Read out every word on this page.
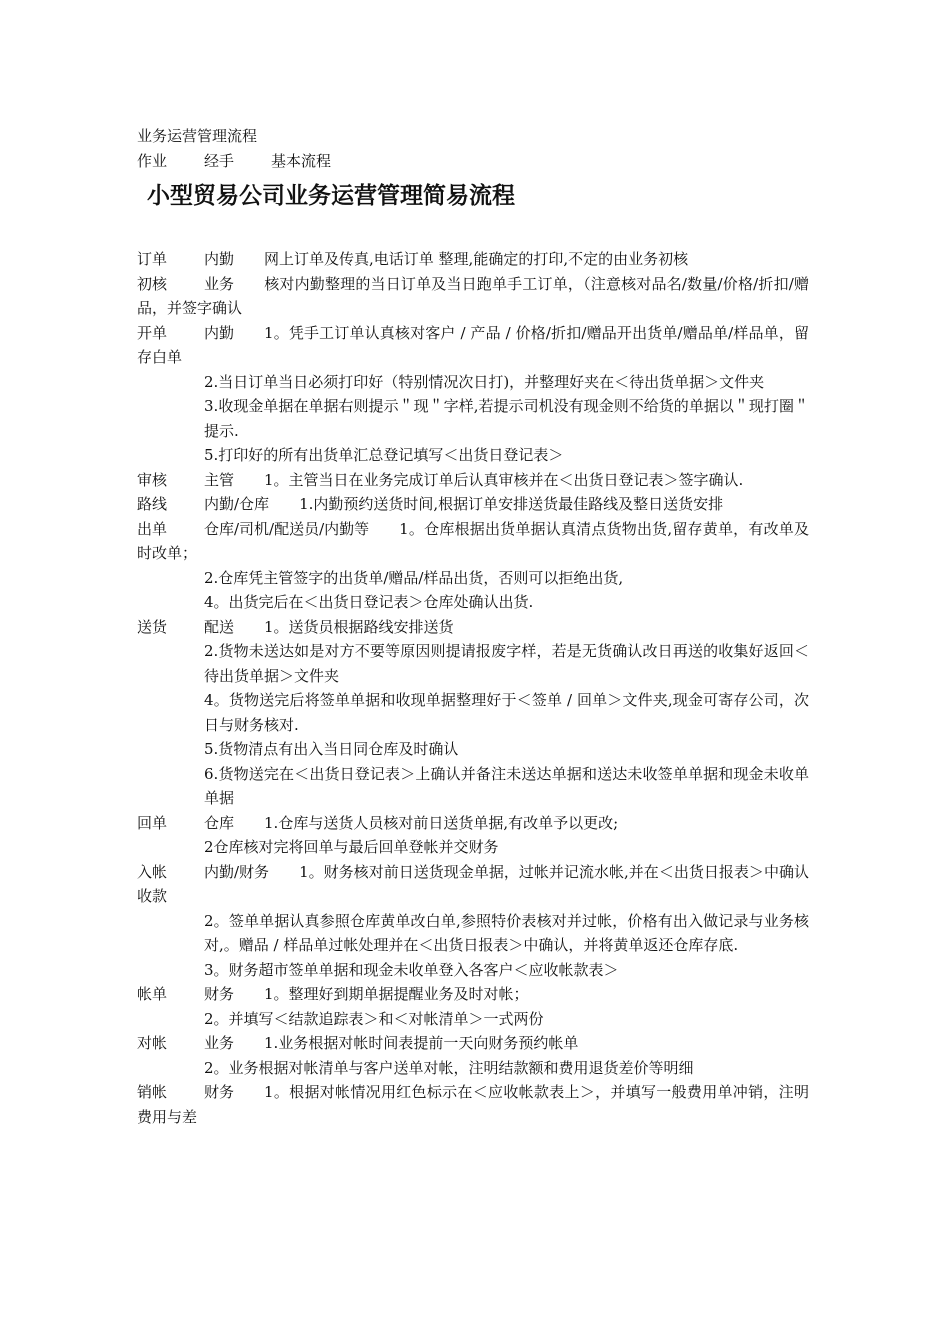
业务运营管理流程
作业 经手 基本流程
小型贸易公司业务运营管理简易流程
订单 内勤 网上订单及传真,电话订单 整理,能确定的打印,不定的由业务初核
初核 业务 核对内勤整理的当日订单及当日跑单手工订单，（注意核对品名/数量/价格/折扣/赠品，并签字确认
开单 内勤 1。凭手工订单认真核对客户 / 产品 / 价格/折扣/赠品开出货单/赠品单/样品单，留存白单
2.当日订单当日必须打印好（特别情况次日打)，并整理好夹在＜待出货单据＞文件夹
3.收现金单据在单据右则提示＂现＂字样,若提示司机没有现金则不给货的单据以＂现打圈＂提示.
5.打印好的所有出货单汇总登记填写＜出货日登记表＞
审核 主管 1。主管当日在业务完成订单后认真审核并在＜出货日登记表＞签字确认.
路线 内勤/仓库 1.内勤预约送货时间,根据订单安排送货最佳路线及整日送货安排
出单 仓库/司机/配送员/内勤等 1。仓库根据出货单据认真清点货物出货,留存黄单，有改单及时改单；
2.仓库凭主管签字的出货单/赠品/样品出货，否则可以拒绝出货,
4。出货完后在＜出货日登记表＞仓库处确认出货.
送货 配送 1。送货员根据路线安排送货
2.货物未送达如是对方不要等原因则提请报废字样，若是无货确认改日再送的收集好返回＜待出货单据＞文件夹
4。货物送完后将签单单据和收现单据整理好于＜签单 / 回单＞文件夹,现金可寄存公司，次日与财务核对.
5.货物清点有出入当日同仓库及时确认
6.货物送完在＜出货日登记表＞上确认并备注未送达单据和送达未收签单单据和现金未收单单据
回单 仓库 1.仓库与送货人员核对前日送货单据,有改单予以更改;
2仓库核对完将回单与最后回单登帐并交财务
入帐 内勤/财务 1。财务核对前日送货现金单据，过帐并记流水帐,并在＜出货日报表＞中确认收款
2。签单单据认真参照仓库黄单改白单,参照特价表核对并过帐，价格有出入做记录与业务核对,。赠品 / 样品单过帐处理并在＜出货日报表＞中确认，并将黄单返还仓库存底.
3。财务超市签单单据和现金未收单登入各客户＜应收帐款表＞
帐单 财务 1。整理好到期单据提醒业务及时对帐；
2。并填写＜结款追踪表＞和＜对帐清单＞一式两份
对帐 业务 1.业务根据对帐时间表提前一天向财务预约帐单
2。业务根据对帐清单与客户送单对帐，注明结款额和费用退货差价等明细
销帐 财务 1。根据对帐情况用红色标示在＜应收帐款表上＞，并填写一般费用单冲销，注明费用与差
